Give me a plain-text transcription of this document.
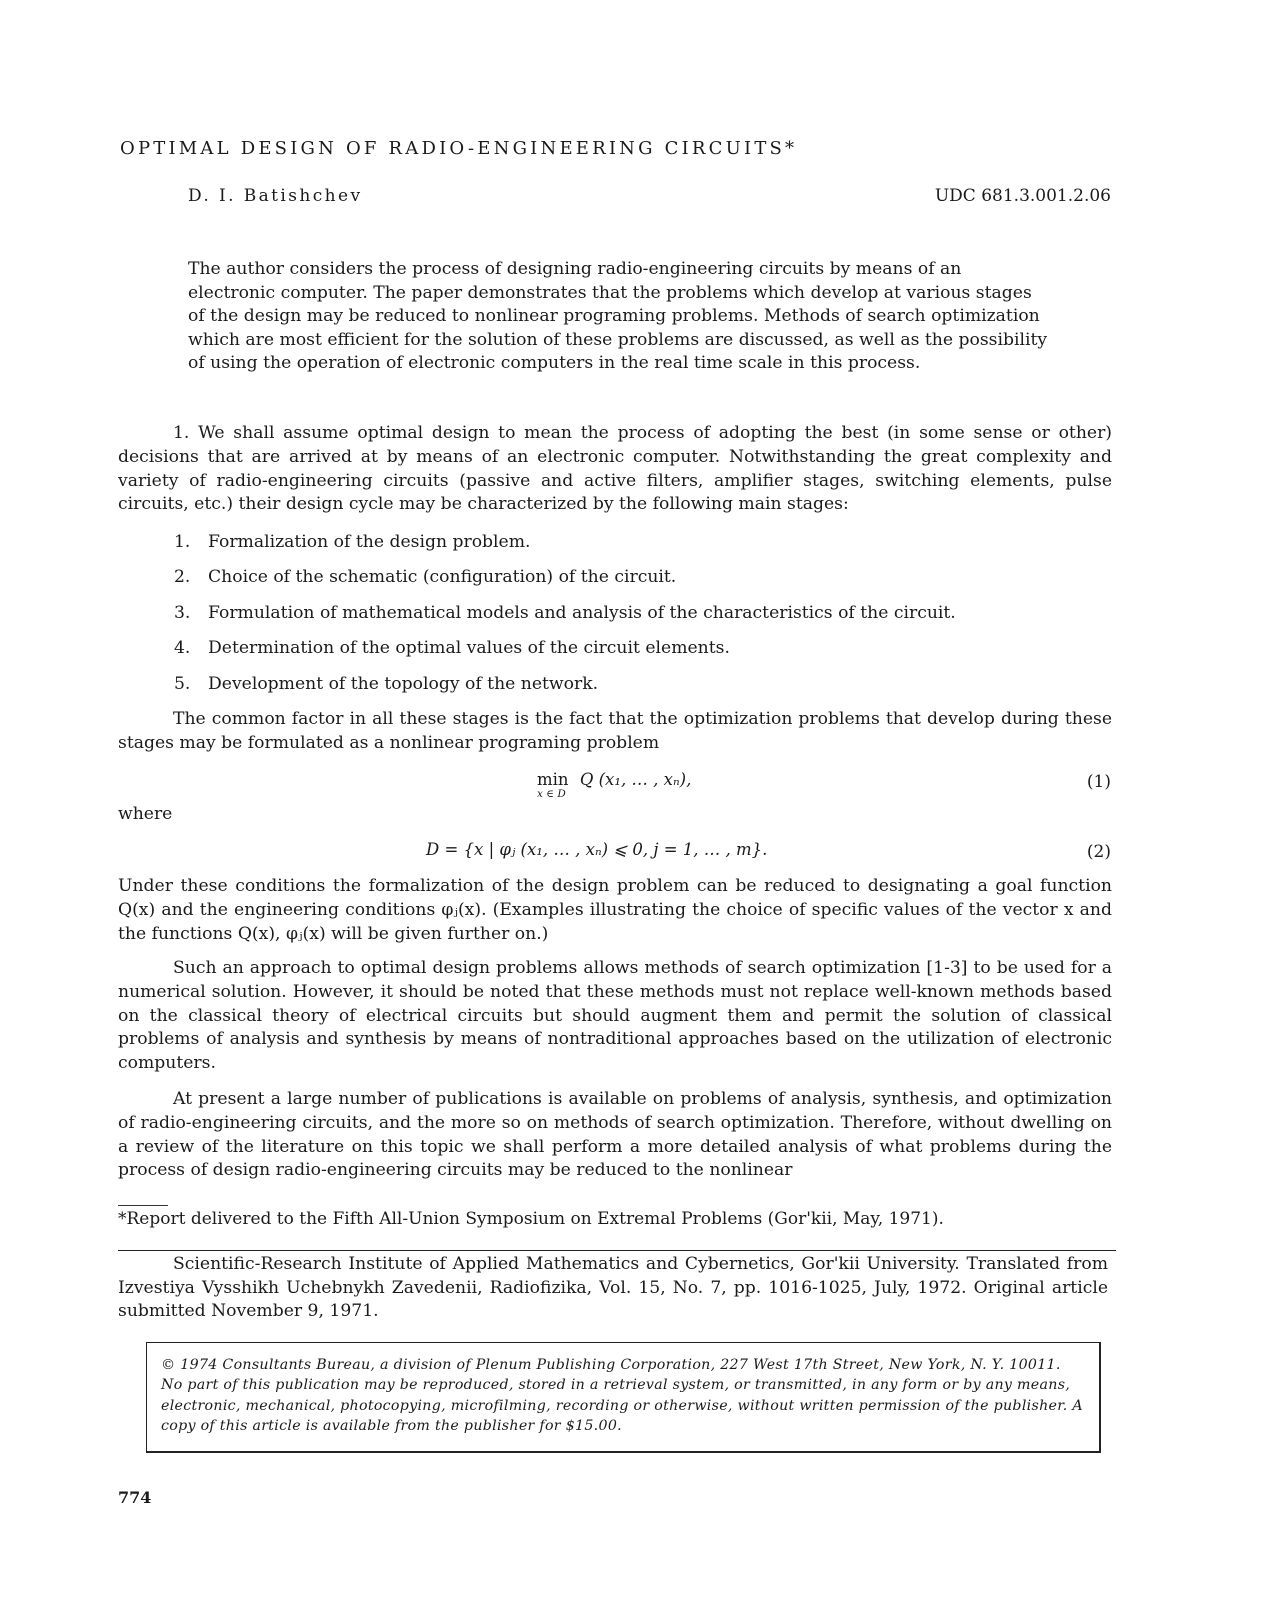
OPTIMAL DESIGN OF RADIO-ENGINEERING CIRCUITS*
D. I. Batishchev	UDC 681.3.001.2.06
The author considers the process of designing radio-engineering circuits by means of an electronic computer. The paper demonstrates that the problems which develop at various stages of the design may be reduced to nonlinear programing problems. Methods of search optimization which are most efficient for the solution of these problems are discussed, as well as the possibility of using the operation of electronic computers in the real time scale in this process.

1. We shall assume optimal design to mean the process of adopting the best (in some sense or other) decisions that are arrived at by means of an electronic computer. Notwithstanding the great complexity and variety of radio-engineering circuits (passive and active filters, amplifier stages, switching elements, pulse circuits, etc.) their design cycle may be characterized by the following main stages:

1.	Formalization of the design problem.
2.	Choice of the schematic (configuration) of the circuit.
3.	Formulation of mathematical models and analysis of the characteristics of the circuit.
4.	Determination of the optimal values of the circuit elements.
5.	Development of the topology of the network.

The common factor in all these stages is the fact that the optimization problems that develop during these stages may be formulated as a nonlinear programing problem

min
x ∈ D
Q (x₁, … , xₙ),	(1)
where
D = {x | φⱼ (x₁, … , xₙ) ⩽ 0, j = 1, … , m}.	(2)

Under these conditions the formalization of the design problem can be reduced to designating a goal function Q(x) and the engineering conditions φⱼ(x). (Examples illustrating the choice of specific values of the vector x and the functions Q(x), φⱼ(x) will be given further on.)

Such an approach to optimal design problems allows methods of search optimization [1-3] to be used for a numerical solution. However, it should be noted that these methods must not replace well-known methods based on the classical theory of electrical circuits but should augment them and permit the solution of classical problems of analysis and synthesis by means of nontraditional approaches based on the utilization of electronic computers.

At present a large number of publications is available on problems of analysis, synthesis, and optimization of radio-engineering circuits, and the more so on methods of search optimization. Therefore, without dwelling on a review of the literature on this topic we shall perform a more detailed analysis of what problems during the process of design radio-engineering circuits may be reduced to the nonlinear

*Report delivered to the Fifth All-Union Symposium on Extremal Problems (Gor'kii, May, 1971).
Scientific-Research Institute of Applied Mathematics and Cybernetics, Gor'kii University. Translated from Izvestiya Vysshikh Uchebnykh Zavedenii, Radiofizika, Vol. 15, No. 7, pp. 1016-1025, July, 1972. Original article submitted November 9, 1971.
© 1974 Consultants Bureau, a division of Plenum Publishing Corporation, 227 West 17th Street, New York, N. Y. 10011. No part of this publication may be reproduced, stored in a retrieval system, or transmitted, in any form or by any means, electronic, mechanical, photocopying, microfilming, recording or otherwise, without written permission of the publisher. A copy of this article is available from the publisher for $15.00.
774
